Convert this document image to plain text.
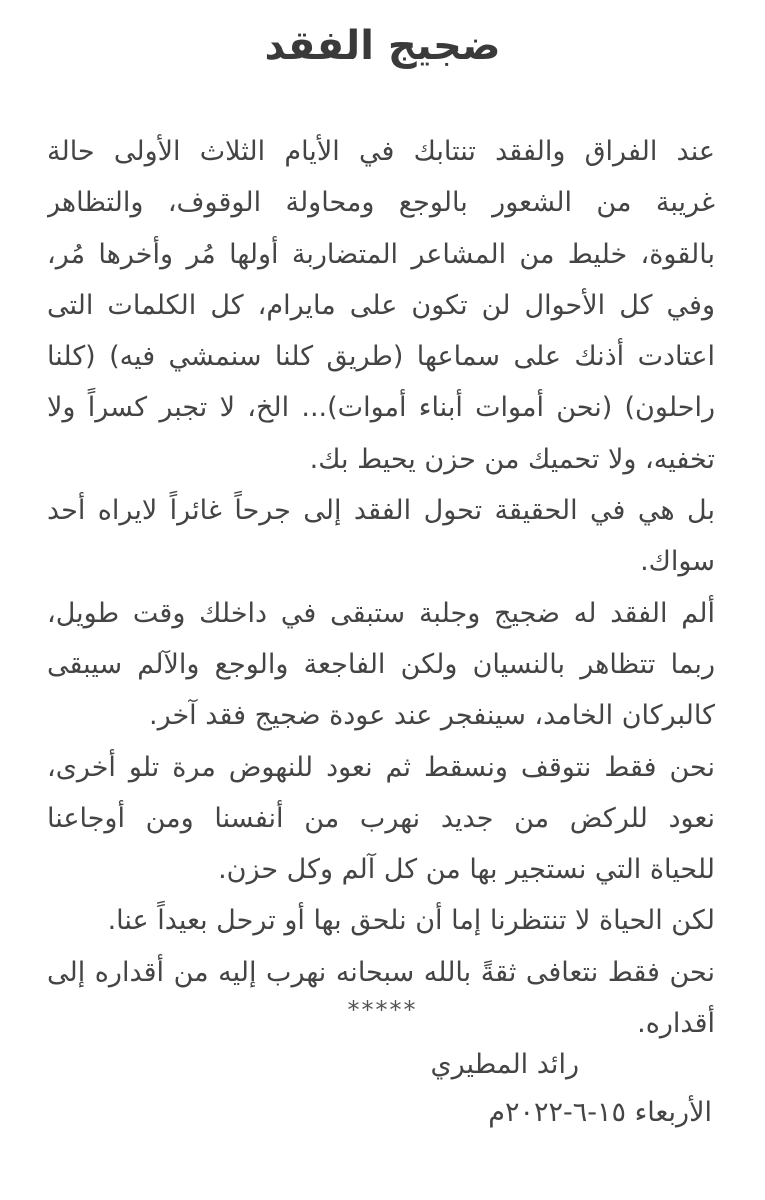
ضجيج الفقد
عند الفراق والفقد تنتابك في الأيام الثلاث الأولى حالة
غريبة من الشعور بالوجع ومحاولة الوقوف، والتظاهر
بالقوة، خليط من المشاعر المتضاربة أولها مُر وأخرها مُر،
وفي كل الأحوال لن تكون على مايرام، كل الكلمات التى
اعتادت أذنك على سماعها (طريق كلنا سنمشي فيه) (كلنا
راحلون) (نحن أموات أبناء أموات)... الخ، لا تجبر كسراً ولا
تخفيه، ولا تحميك من حزن يحيط بك.
بل هي في الحقيقة تحول الفقد إلى جرحاً غائراً لايراه أحد
سواك.
ألم الفقد له ضجيج وجلبة ستبقى في داخلك وقت طويل،
ربما تتظاهر بالنسيان ولكن الفاجعة والوجع والآلم سيبقى
كالبركان الخامد، سينفجر عند عودة ضجيج فقد آخر.
نحن فقط نتوقف ونسقط ثم نعود للنهوض مرة تلو أخرى،
نعود للركض من جديد نهرب من أنفسنا ومن أوجاعنا
للحياة التي نستجير بها من كل آلم وكل حزن.
لكن الحياة لا تنتظرنا إما أن نلحق بها أو ترحل بعيداً عنا.
نحن فقط نتعافى ثقةً بالله سبحانه نهرب إليه من أقداره إلى
أقداره.
*****
رائد المطيري
الأربعاء ١٥-٦-٢٠٢٢م
